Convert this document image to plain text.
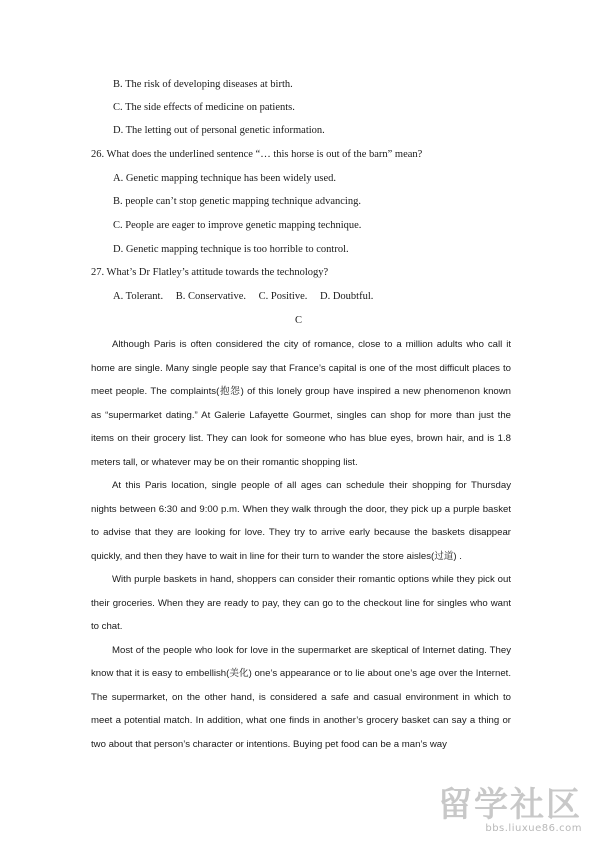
B. The risk of developing diseases at birth.
C. The side effects of medicine on patients.
D. The letting out of personal genetic information.
26. What does the underlined sentence “… this horse is out of the barn” mean?
A. Genetic mapping technique has been widely used.
B. people can’t stop genetic mapping technique advancing.
C. People are eager to improve genetic mapping technique.
D. Genetic mapping technique is too horrible to control.
27. What’s Dr Flatley’s attitude towards the technology?
A. Tolerant. B. Conservative. C. Positive. D. Doubtful.
C

Although Paris is often considered the city of romance, close to a million adults who call it home are single. Many single people say that France’s capital is one of the most difficult places to meet people. The complaints(抱怨) of this lonely group have inspired a new phenomenon known as “supermarket dating.” At Galerie Lafayette Gourmet, singles can shop for more than just the items on their grocery list. They can look for someone who has blue eyes, brown hair, and is 1.8 meters tall, or whatever may be on their romantic shopping list.

At this Paris location, single people of all ages can schedule their shopping for Thursday nights between 6:30 and 9:00 p.m. When they walk through the door, they pick up a purple basket to advise that they are looking for love. They try to arrive early because the baskets disappear quickly, and then they have to wait in line for their turn to wander the store aisles(过道) .

With purple baskets in hand, shoppers can consider their romantic options while they pick out their groceries. When they are ready to pay, they can go to the checkout line for singles who want to chat.

Most of the people who look for love in the supermarket are skeptical of Internet dating. They know that it is easy to embellish(美化) one’s appearance or to lie about one’s age over the Internet. The supermarket, on the other hand, is considered a safe and casual environment in which to meet a potential match. In addition, what one finds in another’s grocery basket can say a thing or two about that person’s character or intentions. Buying pet food can be a man’s way

留学社区
bbs.liuxue86.com
